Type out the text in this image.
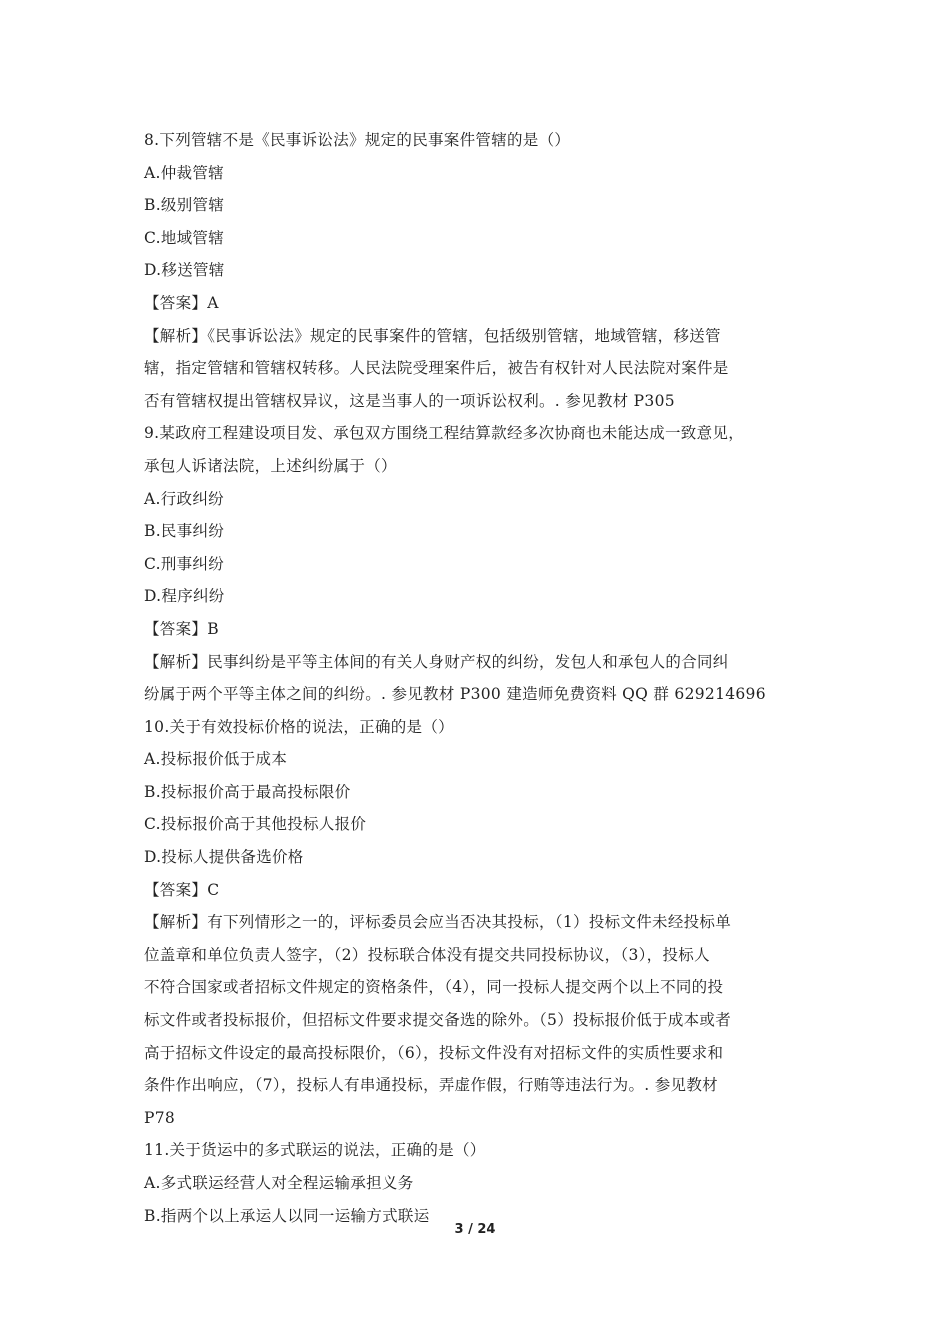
8.下列管辖不是《民事诉讼法》规定的民事案件管辖的是（）
A.仲裁管辖
B.级别管辖
C.地域管辖
D.移送管辖
【答案】A
【解析】《民事诉讼法》规定的民事案件的管辖，包括级别管辖，地域管辖，移送管
辖，指定管辖和管辖权转移。人民法院受理案件后，被告有权针对人民法院对案件是
否有管辖权提出管辖权异议，这是当事人的一项诉讼权利。. 参见教材 P305
9.某政府工程建设项目发、承包双方围绕工程结算款经多次协商也未能达成一致意见，
承包人诉诸法院，上述纠纷属于（）
A.行政纠纷
B.民事纠纷
C.刑事纠纷
D.程序纠纷
【答案】B
【解析】民事纠纷是平等主体间的有关人身财产权的纠纷，发包人和承包人的合同纠
纷属于两个平等主体之间的纠纷。. 参见教材 P300 建造师免费资料 QQ 群 629214696
10.关于有效投标价格的说法，正确的是（）
A.投标报价低于成本
B.投标报价高于最高投标限价
C.投标报价高于其他投标人报价
D.投标人提供备选价格
【答案】C
【解析】有下列情形之一的，评标委员会应当否决其投标，（1）投标文件未经投标单
位盖章和单位负责人签字，（2）投标联合体没有提交共同投标协议，（3），投标人
不符合国家或者招标文件规定的资格条件，（4），同一投标人提交两个以上不同的投
标文件或者投标报价，但招标文件要求提交备选的除外。（5）投标报价低于成本或者
高于招标文件设定的最高投标限价，（6），投标文件没有对招标文件的实质性要求和
条件作出响应，（7），投标人有串通投标，弄虚作假，行贿等违法行为。. 参见教材
P78
11.关于货运中的多式联运的说法，正确的是（）
A.多式联运经营人对全程运输承担义务
B.指两个以上承运人以同一运输方式联运
3 / 24
